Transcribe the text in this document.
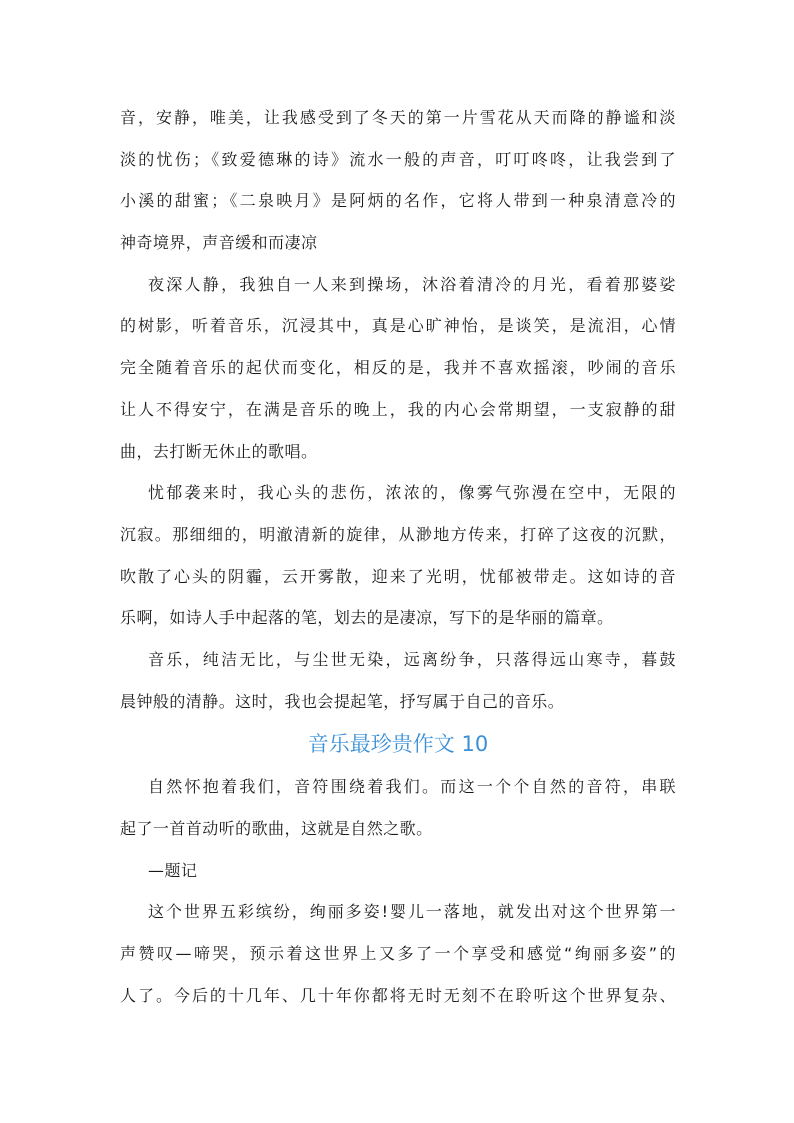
音，安静，唯美，让我感受到了冬天的第一片雪花从天而降的静谧和淡
淡的忧伤；《致爱德琳的诗》流水一般的声音，叮叮咚咚，让我尝到了
小溪的甜蜜；《二泉映月》是阿炳的名作，它将人带到一种泉清意冷的
神奇境界，声音缓和而凄凉
夜深人静，我独自一人来到操场，沐浴着清冷的月光，看着那婆娑
的树影，听着音乐，沉浸其中，真是心旷神怡，是谈笑，是流泪，心情
完全随着音乐的起伏而变化，相反的是，我并不喜欢摇滚，吵闹的音乐
让人不得安宁，在满是音乐的晚上，我的内心会常期望，一支寂静的甜
曲，去打断无休止的歌唱。
忧郁袭来时，我心头的悲伤，浓浓的，像雾气弥漫在空中，无限的
沉寂。那细细的，明澈清新的旋律，从渺地方传来，打碎了这夜的沉默，
吹散了心头的阴霾，云开雾散，迎来了光明，忧郁被带走。这如诗的音
乐啊，如诗人手中起落的笔，划去的是凄凉，写下的是华丽的篇章。
音乐，纯洁无比，与尘世无染，远离纷争，只落得远山寒寺，暮鼓
晨钟般的清静。这时，我也会提起笔，抒写属于自己的音乐。
音乐最珍贵作文 10
自然怀抱着我们，音符围绕着我们。而这一个个自然的音符，串联
起了一首首动听的歌曲，这就是自然之歌。
—题记
这个世界五彩缤纷，绚丽多姿!婴儿一落地，就发出对这个世界第一
声赞叹—啼哭，预示着这世界上又多了一个享受和感觉“绚丽多姿”的
人了。今后的十几年、几十年你都将无时无刻不在聆听这个世界复杂、
